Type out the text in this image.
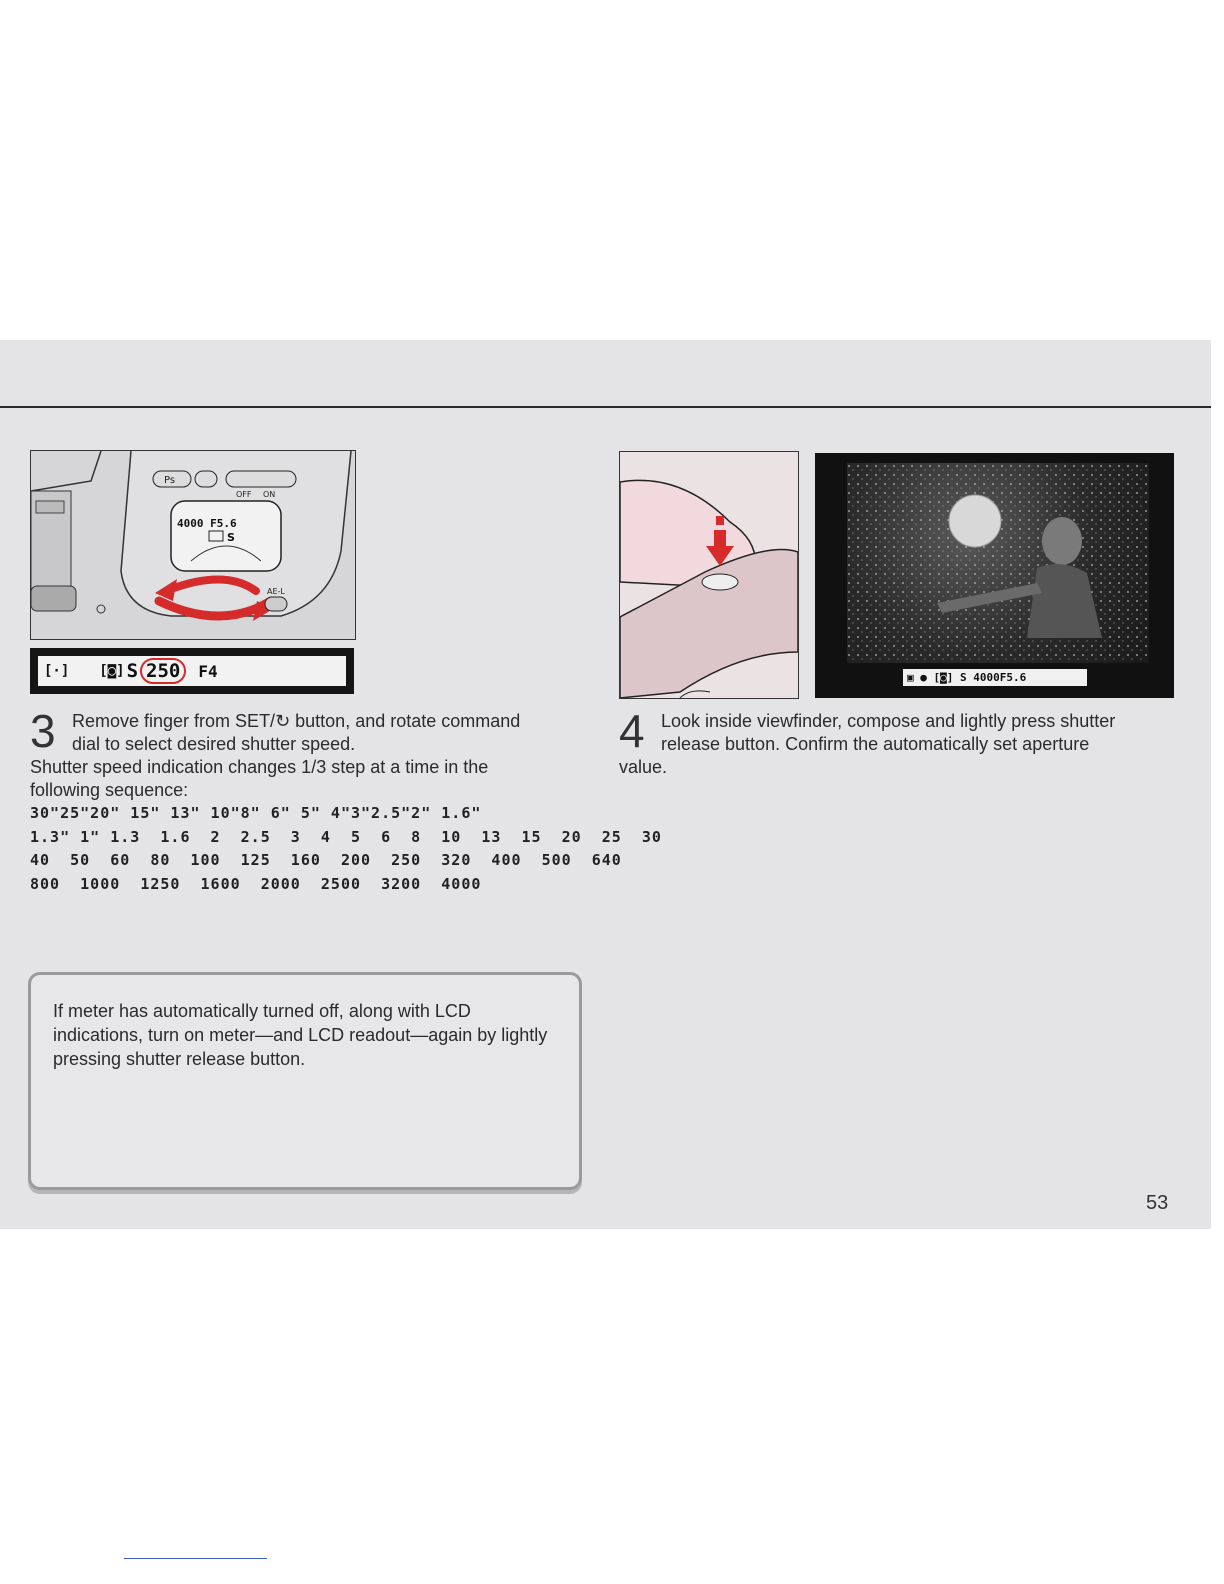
Ps
OFF ON
4000 F5.6
S
AE-L
[·] [◙] S 250	F4
3 Remove finger from SET/↻ button, and rotate command
dial to select desired shutter speed.
Shutter speed indication changes 1/3 step at a time in the
following sequence:
30"25"20" 15" 13" 10"8" 6" 5" 4"3"2.5"2" 1.6"
1.3" 1" 1.3  1.6  2  2.5  3  4  5  6  8  10  13  15  20  25  30
40  50  60  80  100  125  160  200  250  320  400  500  640
800  1000  1250  1600  2000  2500  3200  4000

If meter has automatically turned off, along with LCD indications, turn on meter—and LCD readout—again by lightly pressing shutter release button.

▣ ● [◙] S 4000F5.6
4 Look inside viewfinder, compose and lightly press shutter
release button. Confirm the automatically set aperture
value.
53
